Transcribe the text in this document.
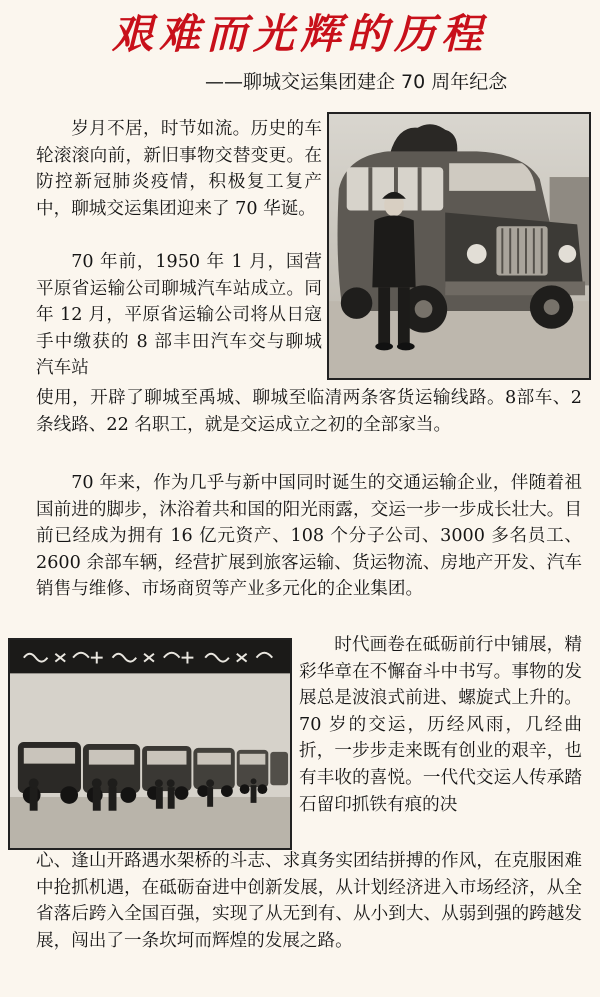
艰难而光辉的历程
——聊城交运集团建企 70 周年纪念
岁月不居，时节如流。历史的车轮滚滚向前，新旧事物交替变更。在防控新冠肺炎疫情，积极复工复产中，聊城交运集团迎来了 70 华诞。
70 年前，1950 年 1 月，国营平原省运输公司聊城汽车站成立。同年 12 月，平原省运输公司将从日寇手中缴获的 8 部丰田汽车交与聊城汽车站
使用，开辟了聊城至禹城、聊城至临清两条客货运输线路。8部车、2 条线路、22 名职工，就是交运成立之初的全部家当。
70 年来，作为几乎与新中国同时诞生的交通运输企业，伴随着祖国前进的脚步，沐浴着共和国的阳光雨露，交运一步一步成长壮大。目前已经成为拥有 16 亿元资产、108 个分子公司、3000 多名员工、2600 余部车辆，经营扩展到旅客运输、货运物流、房地产开发、汽车销售与维修、市场商贸等产业多元化的企业集团。
时代画卷在砥砺前行中铺展，精彩华章在不懈奋斗中书写。事物的发展总是波浪式前进、螺旋式上升的。70 岁的交运，历经风雨，几经曲折，一步步走来既有创业的艰辛，也有丰收的喜悦。一代代交运人传承踏石留印抓铁有痕的决
心、逢山开路遇水架桥的斗志、求真务实团结拼搏的作风，在克服困难中抢抓机遇，在砥砺奋进中创新发展，从计划经济进入市场经济，从全省落后跨入全国百强，实现了从无到有、从小到大、从弱到强的跨越发展，闯出了一条坎坷而辉煌的发展之路。
